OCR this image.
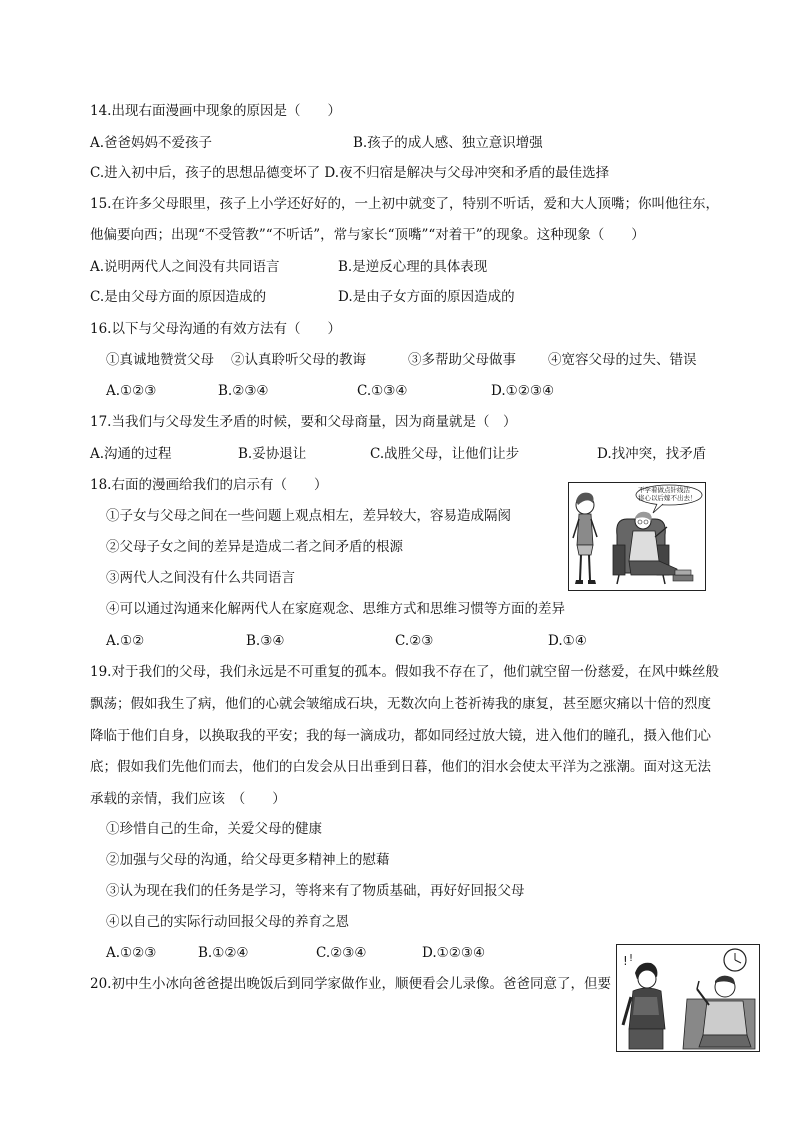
14.出现右面漫画中现象的原因是（　　）
A.爸爸妈妈不爱孩子	B.孩子的成人感、独立意识增强
C.进入初中后，孩子的思想品德变坏了 D.夜不归宿是解决与父母冲突和矛盾的最佳选择
15.在许多父母眼里，孩子上小学还好好的，一上初中就变了，特别不听话，爱和大人顶嘴；你叫他往东，
他偏要向西；出现“不受管教”“不听话”，常与家长“顶嘴”“对着干”的现象。这种现象（　　）
A.说明两代人之间没有共同语言	B.是逆反心理的具体表现
C.是由父母方面的原因造成的	D.是由子女方面的原因造成的
16.以下与父母沟通的有效方法有（　　）
①真诚地赞赏父母 ②认真聆听父母的教诲	③多帮助父母做事 ④宽容父母的过失、错误
A.①②③	B.②③④	C.①③④	D.①②③④
17.当我们与父母发生矛盾的时候，要和父母商量，因为商量就是（　）
A.沟通的过程	B.妥协退让	C.战胜父母，让他们让步	D.找冲突，找矛盾
18.右面的漫画给我们的启示有（　　）
①子女与父母之间在一些问题上观点相左，差异较大，容易造成隔阂
②父母子女之间的差异是造成二者之间矛盾的根源
③两代人之间没有什么共同语言
④可以通过沟通来化解两代人在家庭观念、思维方式和思维习惯等方面的差异
A.①②	B.③④	C.②③	D.①④
不学着做点针线活
将心以后嫁不出去！
19.对于我们的父母，我们永远是不可重复的孤本。假如我不存在了，他们就空留一份慈爱，在风中蛛丝般
飘荡；假如我生了病，他们的心就会皱缩成石块，无数次向上苍祈祷我的康复，甚至愿灾痛以十倍的烈度
降临于他们自身，以换取我的平安；我的每一滴成功，都如同经过放大镜，进入他们的瞳孔，摄入他们心
底；假如我们先他们而去，他们的白发会从日出垂到日暮，他们的泪水会使太平洋为之涨潮。面对这无法
承载的亲情，我们应该　（　　）
①珍惜自己的生命，关爱父母的健康
②加强与父母的沟通，给父母更多精神上的慰藉
③认为现在我们的任务是学习，等将来有了物质基础，再好好回报父母
④以自己的实际行动回报父母的养育之恩
A.①②③	B.①②④	C.②③④	D.①②③④
20.初中生小冰向爸爸提出晚饭后到同学家做作业，顺便看会儿录像。爸爸同意了，但要
! !
